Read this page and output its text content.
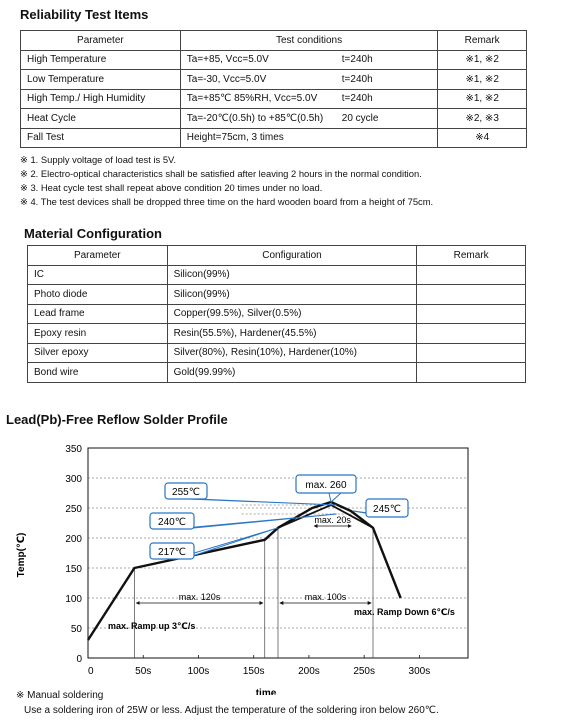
Reliability Test Items
Parameter	Test conditions	Remark
High Temperature	Ta=+85, Vcc=5.0V t=240h	※1, ※2
Low Temperature	Ta=-30, Vcc=5.0V t=240h	※1, ※2
High Temp./ High Humidity	Ta=+85℃ 85%RH, Vcc=5.0V t=240h	※1, ※2
Heat Cycle	Ta=-20℃(0.5h) to +85℃(0.5h) 20 cycle	※2, ※3
Fall Test	Height=75cm, 3 times	※4
※ 1. Supply voltage of load test is 5V.
※ 2. Electro-optical characteristics shall be satisfied after leaving 2 hours in the normal condition.
※ 3. Heat cycle test shall repeat above condition 20 times under no load.
※ 4. The test devices shall be dropped three time on the hard wooden board from a height of 75cm.
Material Configuration
Parameter	Configuration	Remark
IC	Silicon(99%)	
Photo diode	Silicon(99%)	
Lead frame	Copper(99.5%), Silver(0.5%)	
Epoxy resin	Resin(55.5%), Hardener(45.5%)	
Silver epoxy	Silver(80%), Resin(10%), Hardener(10%)	
Bond wire	Gold(99.99%)	
Lead(Pb)-Free Reflow Solder Profile
0
50
100
150
200
250
300
350
0	50s	100s	150s	200s	250s	300s
max. 120s	max. 100s
max. 20s
255℃
240℃
217℃
max. 260
245℃
max. Ramp up 3℃/s
max. Ramp Down 6℃/s
time
Temp(℃)
※ Manual soldering
Use a soldering iron of 25W or less. Adjust the temperature of the soldering iron below 260℃.
